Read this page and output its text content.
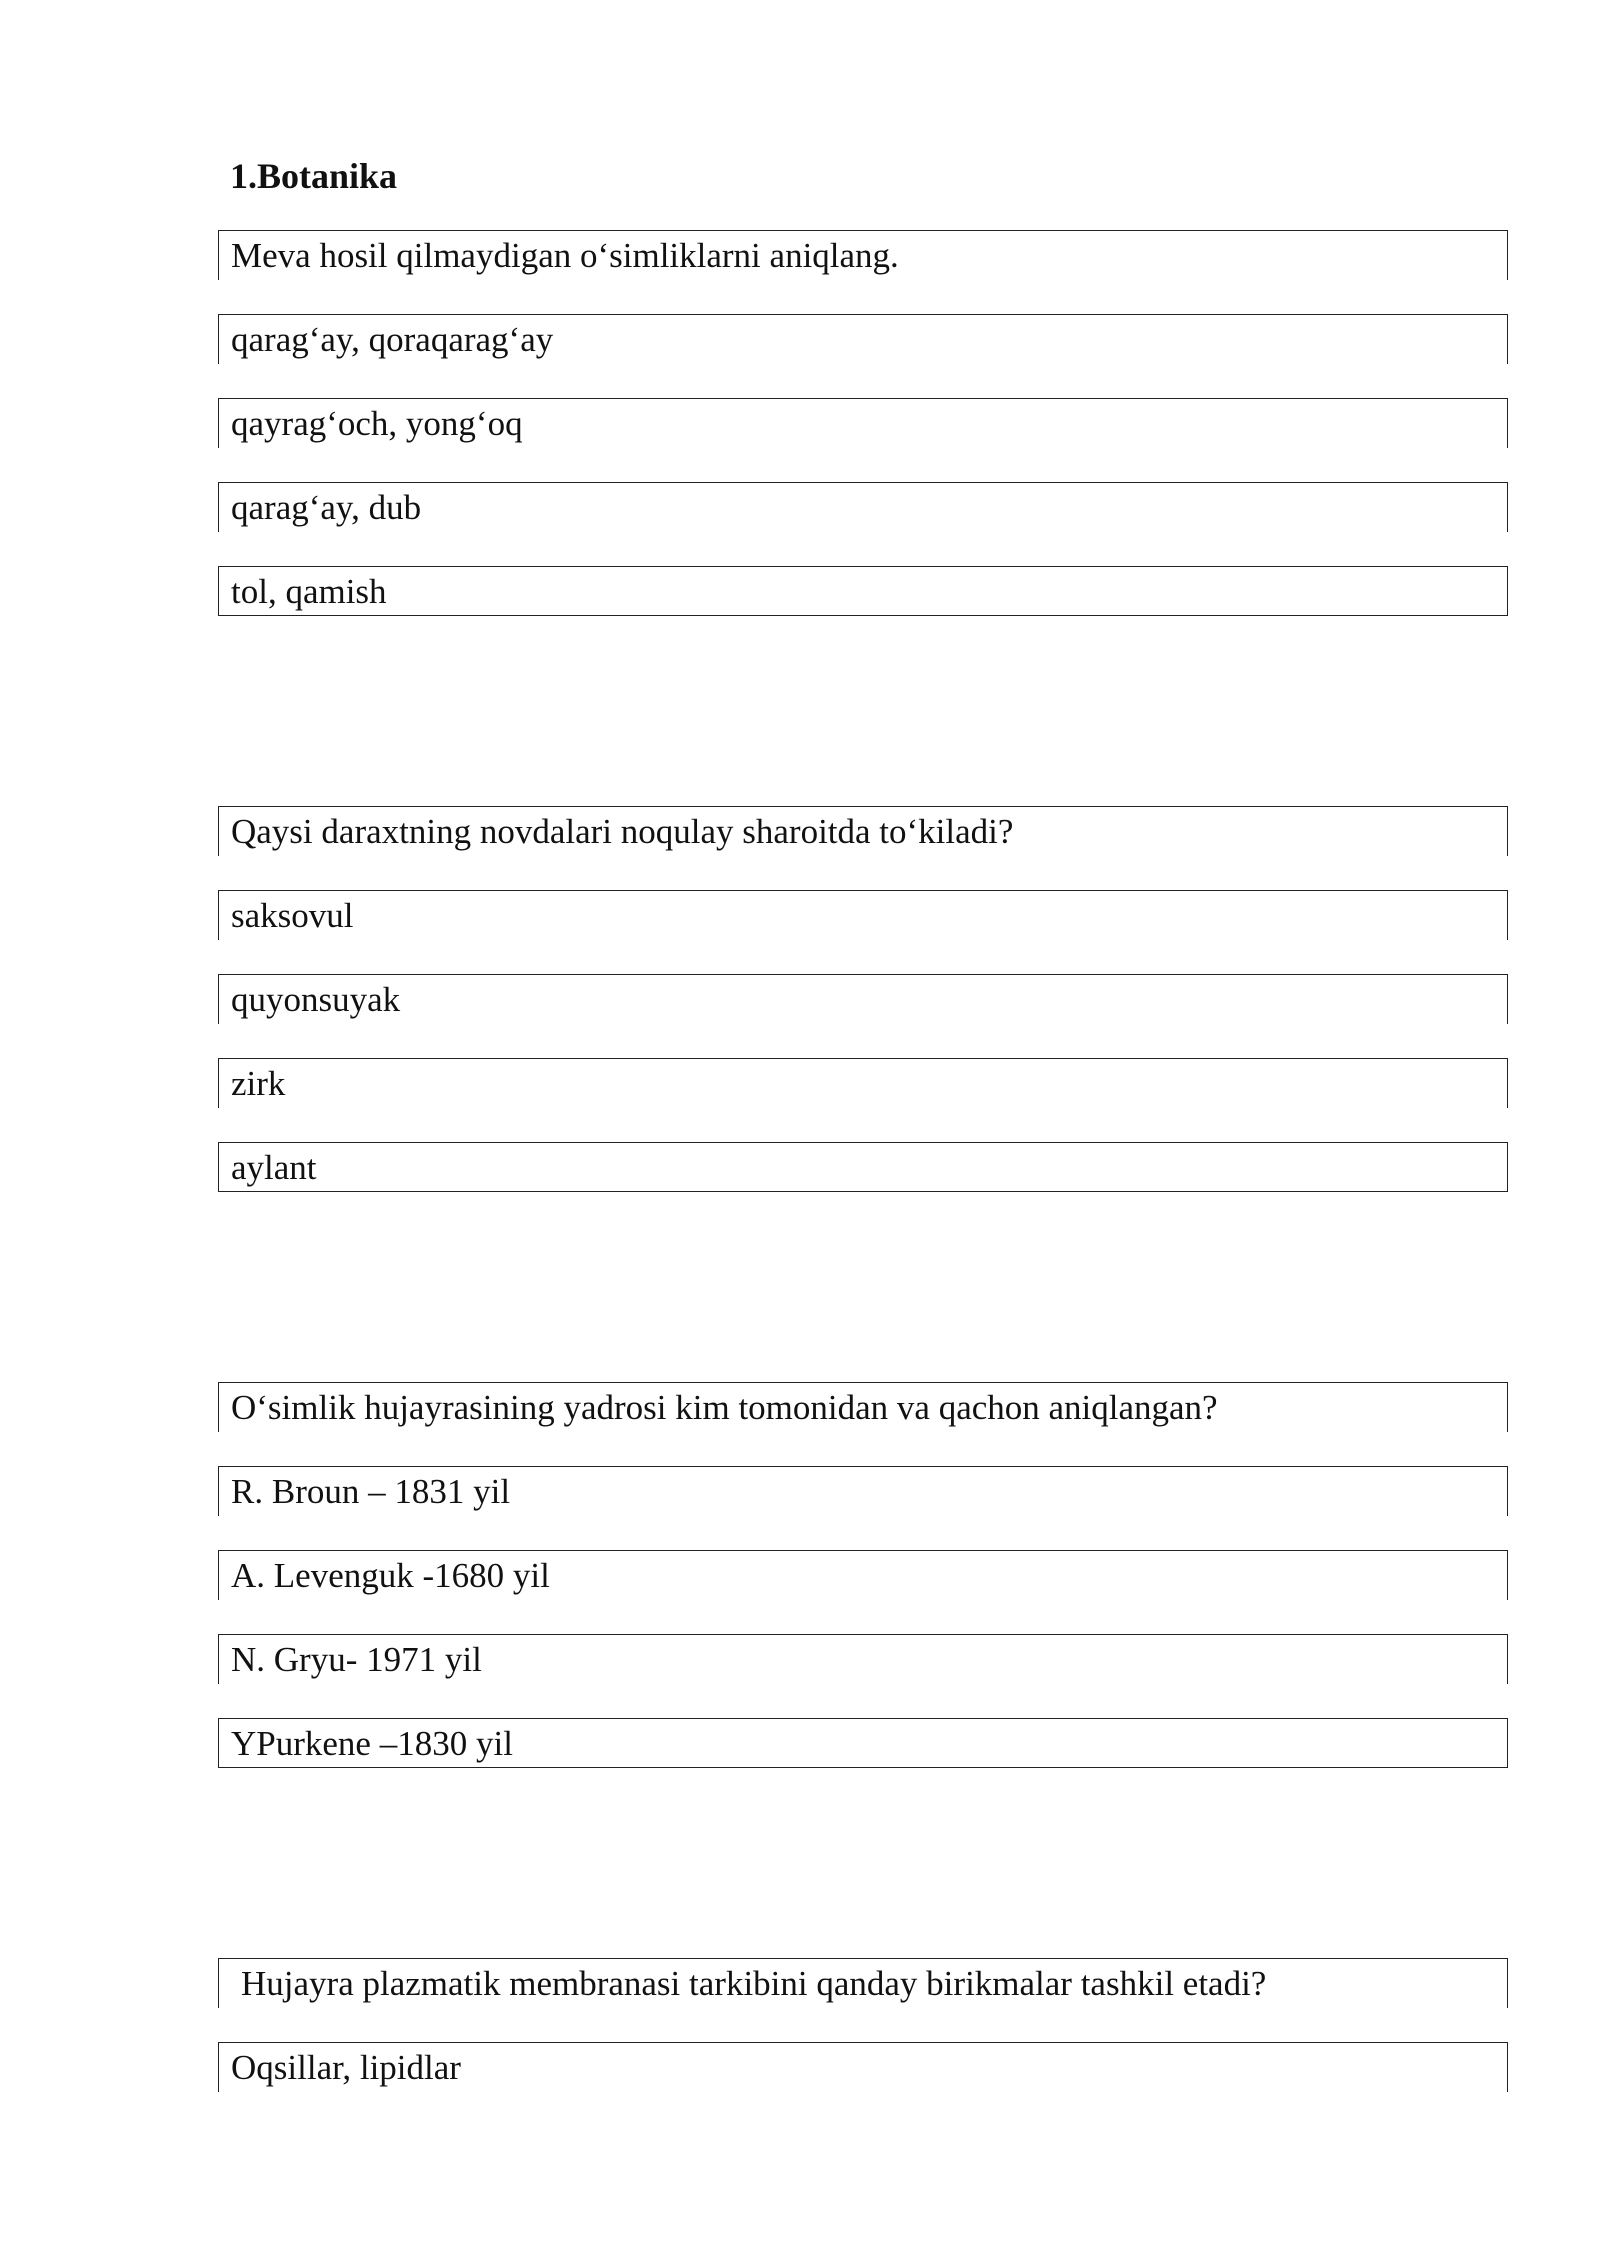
1.Botanika
Meva hosil qilmaydigan o‘simliklarni aniqlang.
qarag‘ay, qoraqarag‘ay
qayrag‘och, yong‘oq
qarag‘ay, dub
tol, qamish
Qaysi daraxtning novdalari noqulay sharoitda to‘kiladi?
saksovul
quyonsuyak
zirk
aylant
O‘simlik hujayrasining yadrosi kim tomonidan va qachon aniqlangan?
R. Broun – 1831 yil
A. Levenguk -1680 yil
N. Gryu- 1971 yil
YPurkene –1830 yil
Hujayra plazmatik membranasi tarkibini qanday birikmalar tashkil etadi?
Oqsillar, lipidlar
